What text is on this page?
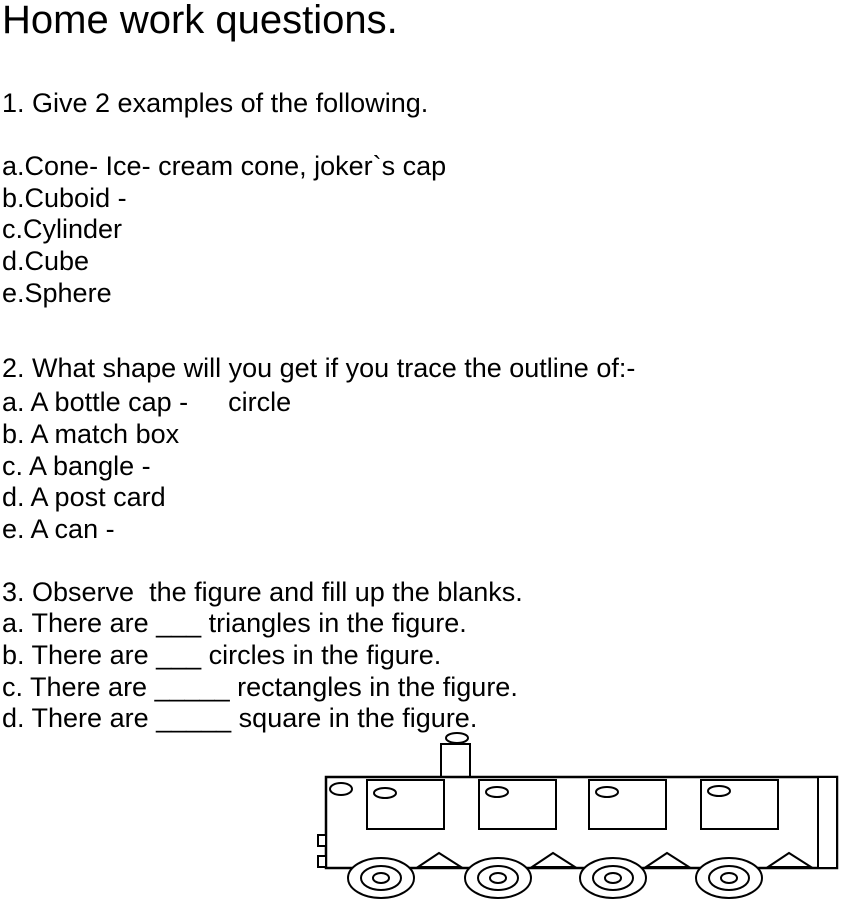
Home work questions.
1. Give 2 examples of the following.
a.Cone- Ice- cream cone, joker`s cap
b.Cuboid -
c.Cylinder
d.Cube
e.Sphere
2. What shape will you get if you trace the outline of:-
a. A bottle cap - circle
b. A match box
c. A bangle -
d. A post card
e. A can -
3. Observe  the figure and fill up the blanks.
a. There are ___ triangles in the figure.
b. There are ___ circles in the figure.
c. There are _____ rectangles in the figure.
d. There are _____ square in the figure.
